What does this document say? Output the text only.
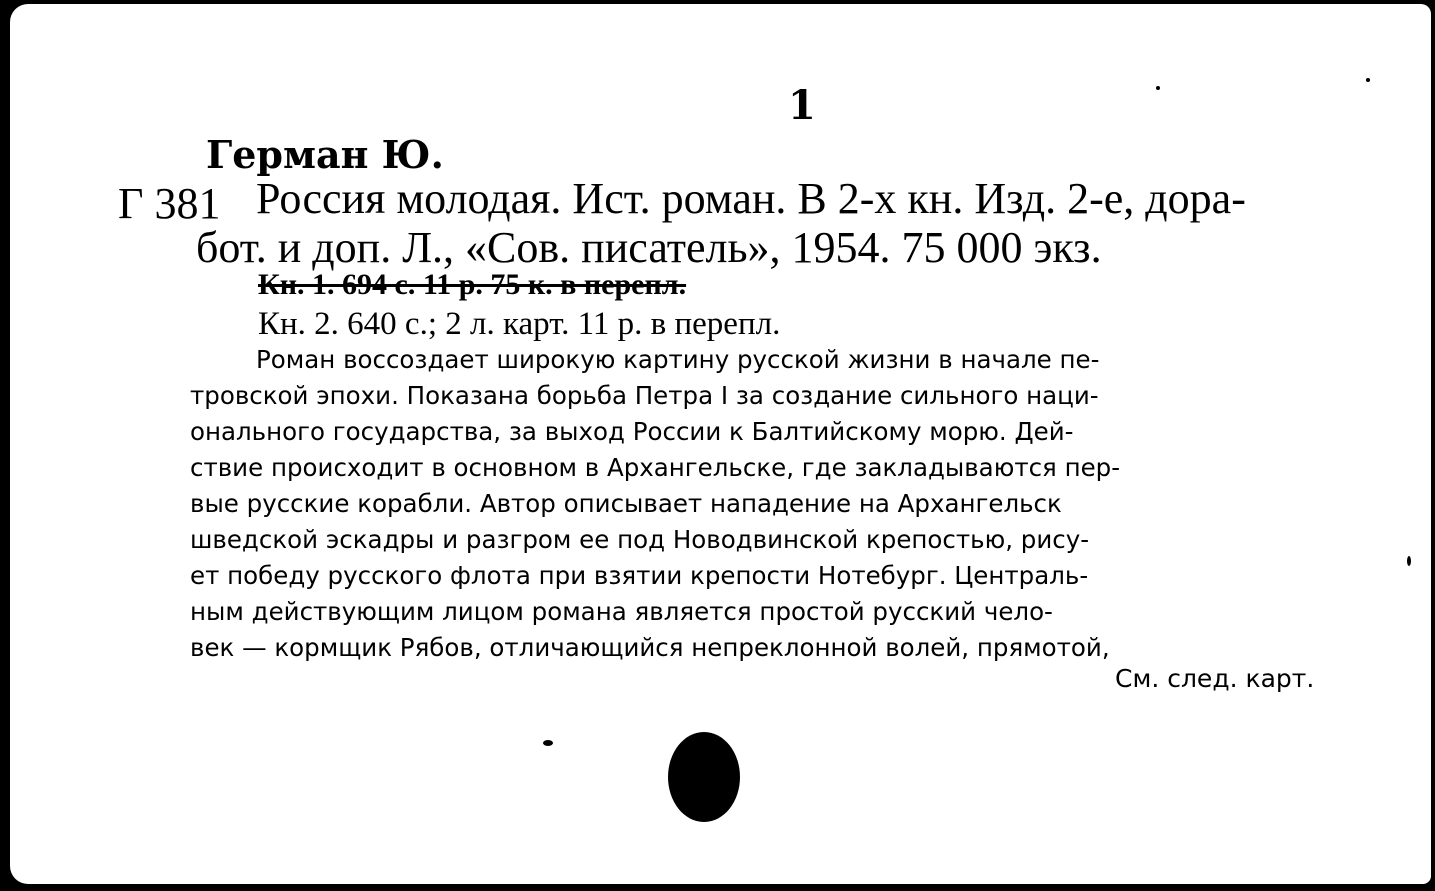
1
Герман Ю.
Г 381 Россия молодая. Ист. роман. В 2-х кн. Изд. 2-е, дора-
бот. и доп. Л., «Сов. писатель», 1954. 75 000 экз.
Кн. 1. 694 с. 11 р. 75 к. в перепл.
Кн. 2. 640 с.; 2 л. карт. 11 р. в перепл.
Роман воссоздает широкую картину русской жизни в начале пе-
тровской эпохи. Показана борьба Петра I за создание сильного наци-
онального государства, за выход России к Балтийскому морю. Дей-
ствие происходит в основном в Архангельске, где закладываются пер-
вые русские корабли. Автор описывает нападение на Архангельск
шведской эскадры и разгром ее под Новодвинской крепостью, рису-
ет победу русского флота при взятии крепости Нотебург. Централь-
ным действующим лицом романа является простой русский чело-
век — кормщик Рябов, отличающийся непреклонной волей, прямотой,
См. след. карт.
